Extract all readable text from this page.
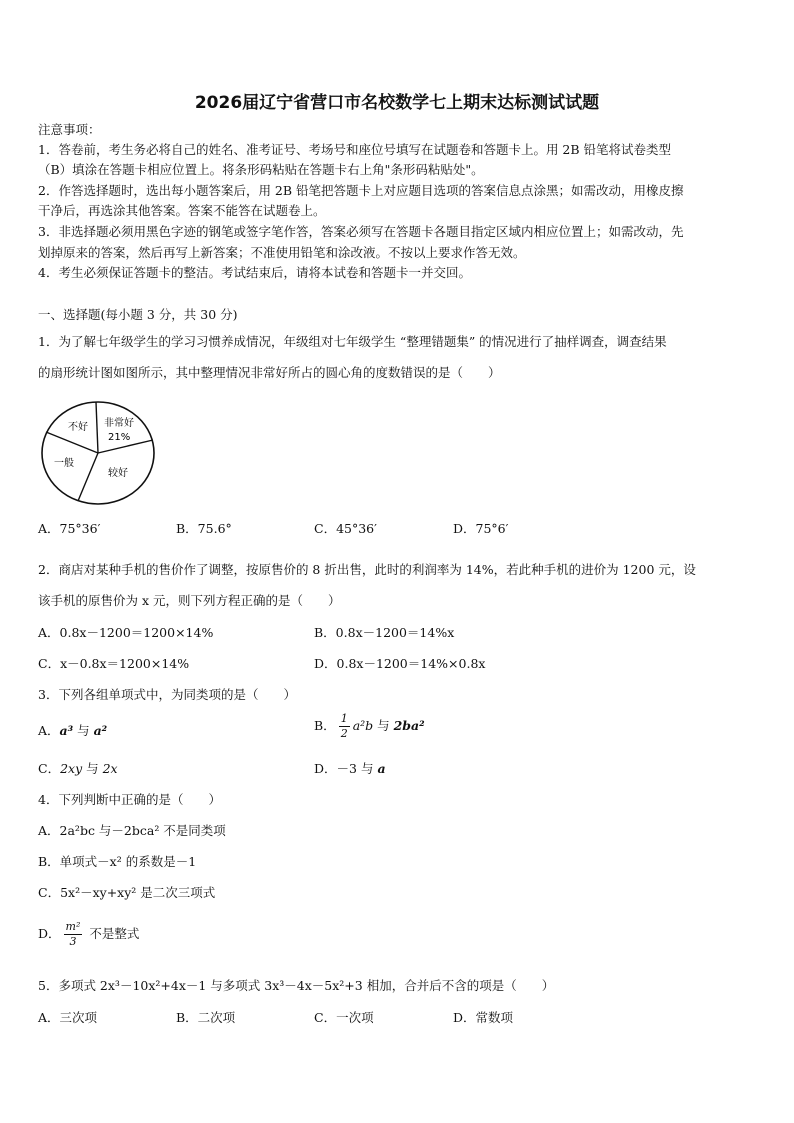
2026届辽宁省营口市名校数学七上期末达标测试试题
注意事项：
1．答卷前，考生务必将自己的姓名、准考证号、考场号和座位号填写在试题卷和答题卡上。用 2B 铅笔将试卷类型
（B）填涂在答题卡相应位置上。将条形码粘贴在答题卡右上角"条形码粘贴处"。
2．作答选择题时，选出每小题答案后，用 2B 铅笔把答题卡上对应题目选项的答案信息点涂黑；如需改动，用橡皮擦
干净后，再选涂其他答案。答案不能答在试题卷上。
3．非选择题必须用黑色字迹的钢笔或签字笔作答，答案必须写在答题卡各题目指定区域内相应位置上；如需改动，先
划掉原来的答案，然后再写上新答案；不准使用铅笔和涂改液。不按以上要求作答无效。
4．考生必须保证答题卡的整洁。考试结束后，请将本试卷和答题卡一并交回。
一、选择题(每小题 3 分，共 30 分)
1．为了解七年级学生的学习习惯养成情况，年级组对七年级学生 “整理错题集” 的情况进行了抽样调查，调查结果
的扇形统计图如图所示，其中整理情况非常好所占的圆心角的度数错误的是（　　）
不好 非常好
21%
一般
较好
A．75°36′	B．75.6°	C．45°36′	D．75°6′
2．商店对某种手机的售价作了调整，按原售价的 8 折出售，此时的利润率为 14%，若此种手机的进价为 1200 元，设
该手机的原售价为 x 元，则下列方程正确的是（　　）
A．0.8x－1200＝1200×14%	B．0.8x－1200＝14%x
C．x－0.8x＝1200×14%	D．0.8x－1200＝14%×0.8x
3．下列各组单项式中，为同类项的是（　　）
A．a³ 与 a²	B． $\frac{1}{2} a^2b$ 与 2ba²
C．2xy 与 2x	D．－3 与 a
4．下列判断中正确的是（　　）
A．2a²bc 与－2bca² 不是同类项
B．单项式－x² 的系数是－1
C．5x²－xy+xy² 是二次三项式
D． $\frac{\text{m²}}{3}$ 不是整式
5．多项式 2x³－10x²+4x－1 与多项式 3x³－4x－5x²+3 相加，合并后不含的项是（　　）
A．三次项	B．二次项	C．一次项	D．常数项
